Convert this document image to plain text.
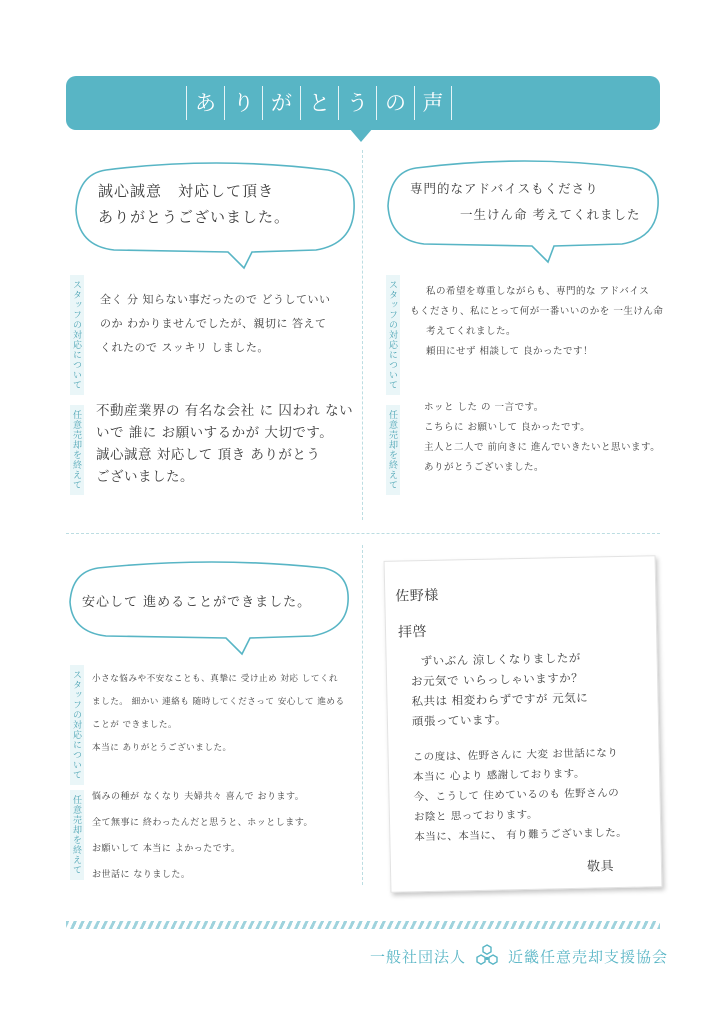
あ り が と う の 声

誠心誠意　対応して頂き

ありがとうございました。

スタッフの対応について 全く 分 知らない事だったので どうしていい

のか わかりませんでしたが、親切に 答えて

くれたので スッキリ しました。

任意売却を終えて 不動産業界の 有名な会社 に 囚われ ない

いで 誰に お願いするかが 大切です。

誠心誠意 対応して 頂き ありがとう

ございました。

専門的なアドバイスもくださり

一生けん命 考えてくれました

スタッフの対応について	私の希望を尊重しながらも、専門的な アドバイス

もくださり、私にとって何が一番いいのかを 一生けん命

考えてくれました。

頼田にせず 相談して 良かったです！

任意売却を終えて

ホッと した の 一言です。

こちらに お願いして 良かったです。

主人と二人で 前向きに 進んでいきたいと思います。

ありがとうございました。

安心して 進めることができました。

スタッフの対応について	小さな悩みや不安なことも、真摯に 受け止め 対応 してくれ

ました。 細かい 連絡も 随時してくださって 安心して 進める

ことが できました。

本当に ありがとうございました。

任意売却を終えて	悩みの種が なくなり 夫婦共々 喜んで おります。

全て無事に 終わったんだと思うと、ホッとします。

お願いして 本当に よかったです。

お世話に なりました。

佐野様
拝啓
ずいぶん 涼しくなりましたが
お元気で いらっしゃいますか？
私共は 相変わらずですが 元気に
頑張っています。
この度は、佐野さんに 大変 お世話になり
本当に 心より 感謝しております。
今、こうして 住めているのも 佐野さんの
お陰と 思っております。
本当に、本当に、 有り難うございました。
敬具
一般社団法人	近畿任意売却支援協会
